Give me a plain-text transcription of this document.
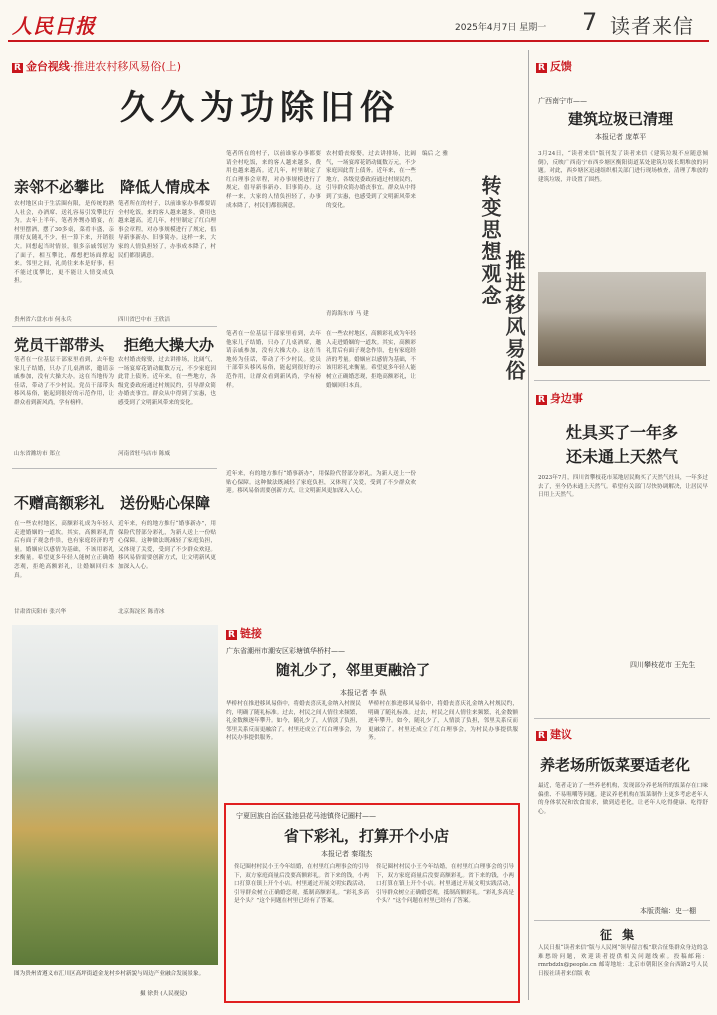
人民日报	2025年4月7日 星期一 7 读者来信
R 金台视线·推进农村移风易俗(上)
久久为功除旧俗
亲邻不必攀比
农村地区由于生活圈有限，是传统的熟人社会，办酒席、送礼容易引发攀比行为。去年上半年，笔者外甥办婚宴，在村里摆酒，摆了30多桌，菜肴丰盛，亲朋好友随礼不少，但一算下来，开销很大。回想起当时情景，很多亲戚邻居为了面子，相互攀比，都想把场面撑起来。邻里之间，礼尚往来本是好事，但不能过度攀比，更不能让人情变成负担。
贵州省六盘水市 何永兵
降低人情成本
笔者所在的村子，以前谁家办事都要请全村吃饭，来的客人越来越多，费用也越来越高。近几年，村里制定了红白理事会章程，对办事规模进行了规定，倡导新事新办、旧事简办。这样一来，大家的人情负担轻了，办事成本降了，村民们都很满意。
四川省巴中市 王欣洁
党员干部带头
笔者在一位基层干部家里看到，去年他家儿子结婚，只办了几桌酒席，邀请亲戚参加，没有大操大办。这在当地传为佳话，带动了不少村民。党员干部带头移风易俗，能起到很好的示范作用，让群众看到新风尚，学有榜样。
山东省潍坊市 郑立
拒绝大操大办
农村婚丧嫁娶，过去讲排场，比阔气，一场宴席花销动辄数万元，不少家庭因此背上债务。近年来，在一些地方，各级党委政府通过村规民约，引导群众简办婚丧事宜。群众从中得到了实惠，也感受到了文明新风带来的变化。
河南省驻马店市 陈威
不赠高额彩礼
在一些农村地区，高额彩礼成为年轻人走进婚姻的一道坎。其实，高额彩礼背后有面子观念作祟，也有家庭经济的考量。婚姻应以感情为基础，不该用彩礼来衡量。希望更多年轻人能树立正确婚恋观，拒绝高额彩礼，让婚姻回归本真。
甘肃省庆阳市 张兴华
送份贴心保障
近年来，有的地方推行“婚事新办”，用保险代替部分彩礼，为新人送上一份贴心保障。这种做法既减轻了家庭负担，又体现了关爱，受到了不少群众欢迎。移风易俗需要创新方式，让文明新风更加深入人心。
北京海淀区 陈青冰
笔者所在的村子，以前谁家办事都要请全村吃饭，来的客人越来越多，费用也越来越高。近几年，村里制定了红白理事会章程，对办事规模进行了规定，倡导新事新办、旧事简办。这样一来，大家的人情负担轻了，办事成本降了，村民们都很满意。
农村婚丧嫁娶，过去讲排场，比阔气，一场宴席花销动辄数万元，不少家庭因此背上债务。近年来，在一些地方，各级党委政府通过村规民约，引导群众简办婚丧事宜。群众从中得到了实惠，也感受到了文明新风带来的变化。
青海海东市 马 建
笔者在一位基层干部家里看到，去年他家儿子结婚，只办了几桌酒席，邀请亲戚参加，没有大操大办。这在当地传为佳话，带动了不少村民。党员干部带头移风易俗，能起到很好的示范作用，让群众看到新风尚，学有榜样。
在一些农村地区，高额彩礼成为年轻人走进婚姻的一道坎。其实，高额彩礼背后有面子观念作祟，也有家庭经济的考量。婚姻应以感情为基础，不该用彩礼来衡量。希望更多年轻人能树立正确婚恋观，拒绝高额彩礼，让婚姻回归本真。
近年来，有的地方推行“婚事新办”，用保险代替部分彩礼，为新人送上一份贴心保障。这种做法既减轻了家庭负担，又体现了关爱，受到了不少群众欢迎。移风易俗需要创新方式，让文明新风更加深入人心。
编后 之 雅
转变思想观念
推进移风易俗
图为贵州省遵义市汇川区高坪街道金龙村乡村新貌与周边产业融合发展景象。
摄 徐贵 (人民视觉)
R 链接
广东省潮州市潮安区彩塘镇华桥村——
随礼少了，邻里更融洽了
本报记者 李 纵
华桥村在推进移风易俗中，将婚丧喜庆礼金纳入村规民约，明确了随礼标准。过去，村民之间人情往来频繁，礼金数额逐年攀升。如今，随礼少了，人情淡了负担，邻里关系反而更融洽了。村里还成立了红白理事会，为村民办事提供服务。
华桥村在推进移风易俗中，将婚丧喜庆礼金纳入村规民约，明确了随礼标准。过去，村民之间人情往来频繁，礼金数额逐年攀升。如今，随礼少了，人情淡了负担，邻里关系反而更融洽了。村里还成立了红白理事会，为村民办事提供服务。
宁夏回族自治区盐池县花马池镇佟记圈村——
省下彩礼，打算开个小店
本报记者 秦瑞杰
佟记圈村村民小王今年结婚，在村里红白理事会的引导下，双方家庭商量后没要高额彩礼。省下来的钱，小两口打算在镇上开个小店。村里通过开展文明实践活动，引导群众树立正确婚恋观，抵制高额彩礼。“彩礼多高是个头？”这个问题在村里已经有了答案。
佟记圈村村民小王今年结婚，在村里红白理事会的引导下，双方家庭商量后没要高额彩礼。省下来的钱，小两口打算在镇上开个小店。村里通过开展文明实践活动，引导群众树立正确婚恋观，抵制高额彩礼。“彩礼多高是个头？”这个问题在村里已经有了答案。
R 反馈
广西南宁市——
建筑垃圾已清理
本报记者 庞革平
3月24日，“读者来信”版刊发了读者来信《建筑垃圾不应随意倾倒》，反映广西南宁市西乡塘区衡阳街道某处建筑垃圾长期堆放的问题。对此，西乡塘区迅速组织相关部门进行现场核查，清理了堆放的建筑垃圾，并设置了围挡。
R 身边事
灶具买了一年多
还未通上天然气
2023年7月，四川省攀枝花市某地居民购买了天然气灶具，一年多过去了，至今仍未通上天然气。希望有关部门尽快协调解决，让居民早日用上天然气。
四川攀枝花市 王先生
R 建议
养老场所饭菜要适老化
最近，笔者走访了一些养老机构，发现部分养老场所的饭菜存在口味偏重、不易咀嚼等问题。建议养老机构在饭菜制作上更多考虑老年人的身体状况和饮食需求，做到适老化，让老年人吃得健康、吃得舒心。
本版责编：史一棚
征 集
人民日报“读者来信”版与人民网“领导留言板”联合征集群众身边的急难愁盼问题，欢迎读者提供相关问题线索。投稿邮箱：rmrbdzlx@people.cn 邮寄地址：北京市朝阳区金台西路2号人民日报社读者来信版 收
